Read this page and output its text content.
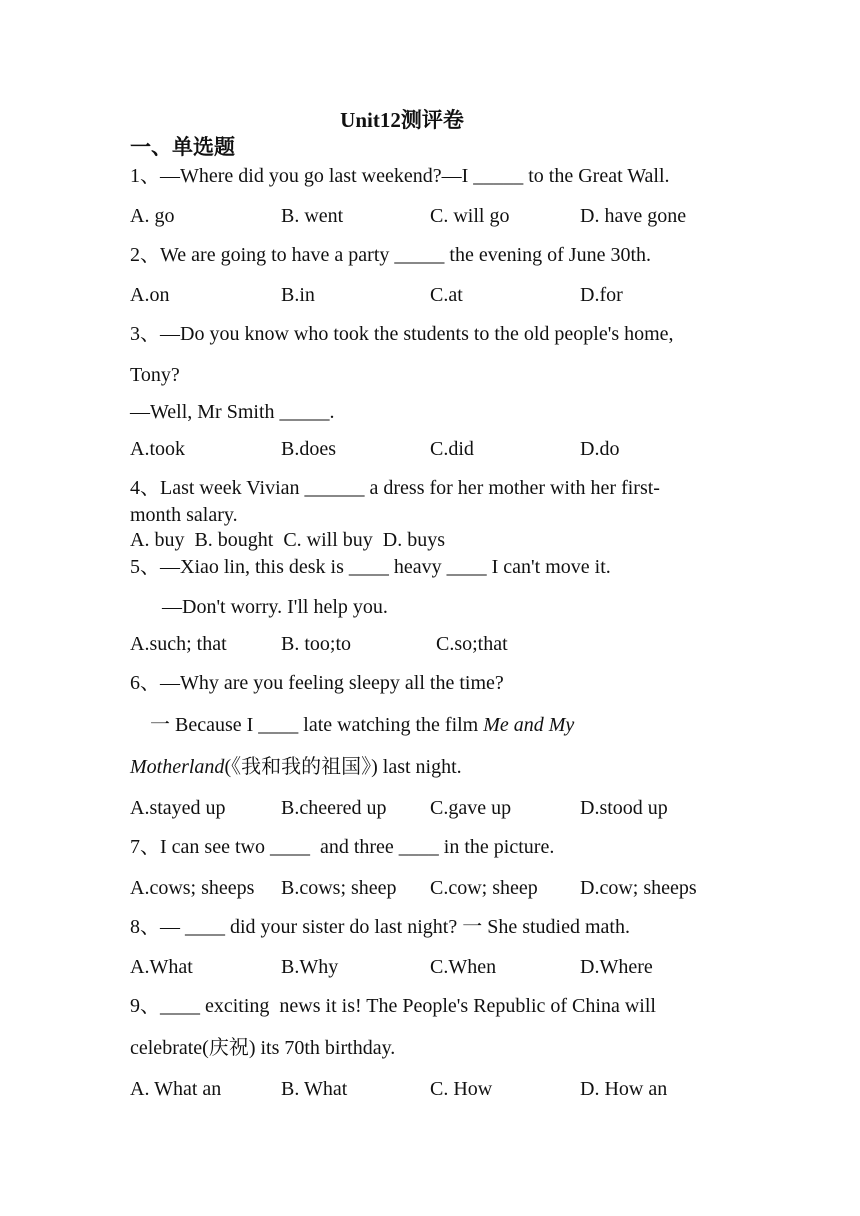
Unit12测评卷
一、单选题
1、—Where did you go last weekend?—I _____ to the Great Wall.
A. go	B. went	C. will go	D. have gone
2、We are going to have a party _____ the evening of June 30th.
A.on	B.in	C.at	D.for
3、—Do you know who took the students to the old people's home,
Tony?
—Well, Mr Smith _____.
A.took	B.does	C.did	D.do
4、Last week Vivian ______ a dress for her mother with her first-
month salary.
A. buy  B. bought  C. will buy  D. buys
5、—Xiao lin, this desk is ____ heavy ____ I can't move it.
—Don't worry. I'll help you.
A.such; that	B. too;to	C.so;that
6、—Why are you feeling sleepy all the time?
一 Because I ____ late watching the film Me and My
Motherland(《我和我的祖国》) last night.
A.stayed up	B.cheered up C.gave up	D.stood up
7、I can see two ____  and three ____ in the picture.
A.cows; sheeps B.cows; sheep C.cow; sheep D.cow; sheeps
8、— ____ did your sister do last night? 一 She studied math.
A.What	B.Why	C.When	D.Where
9、____ exciting  news it is! The People's Republic of China will
celebrate(庆祝) its 70th birthday.
A. What an	B. What	C. How	D. How an
